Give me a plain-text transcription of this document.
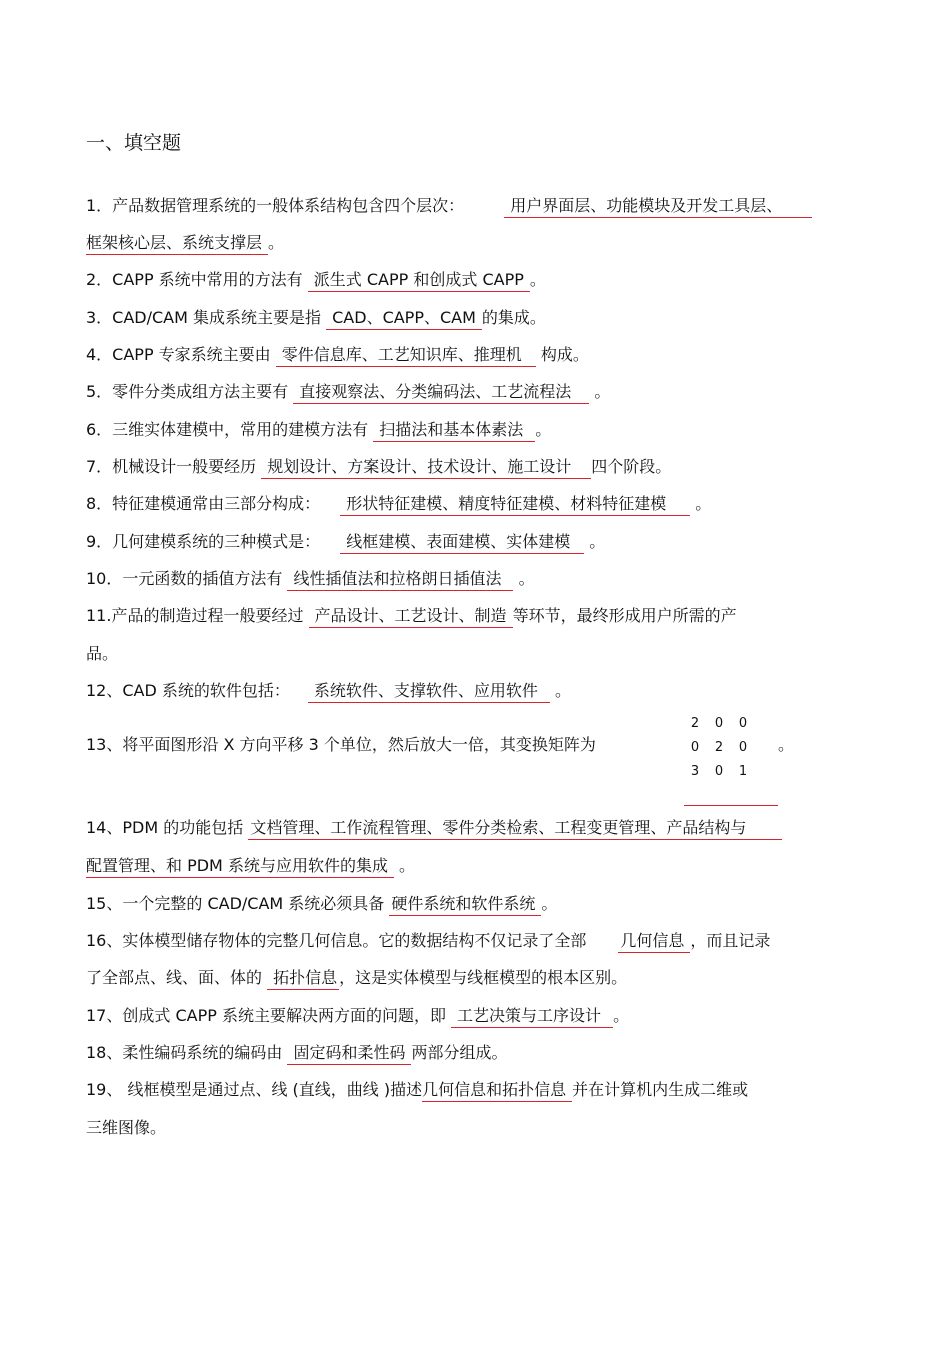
一、填空题
1．产品数据管理系统的一般体系结构包含四个层次：	用户界面层、功能模块及开发工具层、
框架核心层、系统支撑层 。
2．CAPP 系统中常用的方法有 派生式 CAPP 和创成式 CAPP 。
3．CAD/CAM 集成系统主要是指 CAD、CAPP、CAM 的集成。
4．CAPP 专家系统主要由 零件信息库、工艺知识库、推理机 构成。
5．零件分类成组方法主要有 直接观察法、分类编码法、工艺流程法 。
6．三维实体建模中，常用的建模方法有 扫描法和基本体素法 。
7．机械设计一般要经历 规划设计、方案设计、技术设计、施工设计 四个阶段。
8．特征建模通常由三部分构成： 形状特征建模、精度特征建模、材料特征建模 。
9．几何建模系统的三种模式是： 线框建模、表面建模、实体建模 。
10．一元函数的插值方法有 线性插值法和拉格朗日插值法 。
11.产品的制造过程一般要经过 产品设计、工艺设计、制造 等环节，最终形成用户所需的产
品。
12、CAD 系统的软件包括： 系统软件、支撑软件、应用软件 。
13、将平面图形沿 X 方向平移 3 个单位，然后放大一倍，其变换矩阵为
2 0 0
0 2 0
3 0 1
。
14、PDM 的功能包括 文档管理、工作流程管理、零件分类检索、工程变更管理、产品结构与
配置管理、和 PDM 系统与应用软件的集成 。
15、一个完整的 CAD/CAM 系统必须具备 硬件系统和软件系统 。
16、实体模型储存物体的完整几何信息。它的数据结构不仅记录了全部 几何信息 ，而且记录
了全部点、线、面、体的 拓扑信息 ，这是实体模型与线框模型的根本区别。
17、创成式 CAPP 系统主要解决两方面的问题，即 工艺决策与工序设计 。
18、柔性编码系统的编码由 固定码和柔性码 两部分组成。
19、 线框模型是通过点、线 (直线，曲线 )描述几何信息和拓扑信息 并在计算机内生成二维或
三维图像。
